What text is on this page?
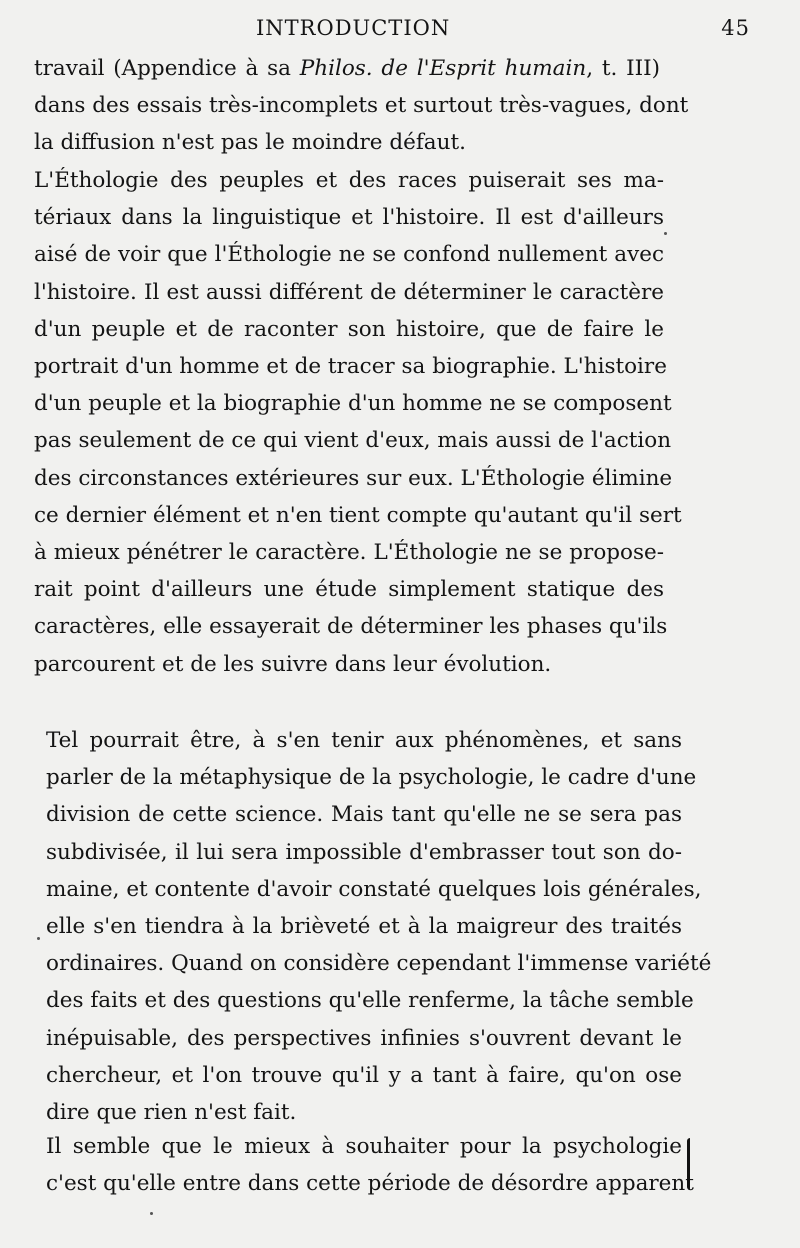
INTRODUCTION	45

travail (Appendice à sa Philos. de l'Esprit humain, t. III)
dans des essais très-incomplets et surtout très-vagues, dont
la diffusion n'est pas le moindre défaut.

L'Éthologie des peuples et des races puiserait ses ma-
tériaux dans la linguistique et l'histoire. Il est d'ailleurs
aisé de voir que l'Éthologie ne se confond nullement avec
l'histoire. Il est aussi différent de déterminer le caractère
d'un peuple et de raconter son histoire, que de faire le
portrait d'un homme et de tracer sa biographie. L'histoire
d'un peuple et la biographie d'un homme ne se composent
pas seulement de ce qui vient d'eux, mais aussi de l'action
des circonstances extérieures sur eux. L'Éthologie élimine
ce dernier élément et n'en tient compte qu'autant qu'il sert
à mieux pénétrer le caractère. L'Éthologie ne se propose-
rait point d'ailleurs une étude simplement statique des
caractères, elle essayerait de déterminer les phases qu'ils
parcourent et de les suivre dans leur évolution.

Tel pourrait être, à s'en tenir aux phénomènes, et sans
parler de la métaphysique de la psychologie, le cadre d'une
division de cette science. Mais tant qu'elle ne se sera pas
subdivisée, il lui sera impossible d'embrasser tout son do-
maine, et contente d'avoir constaté quelques lois générales,
elle s'en tiendra à la brièveté et à la maigreur des traités
ordinaires. Quand on considère cependant l'immense variété
des faits et des questions qu'elle renferme, la tâche semble
inépuisable, des perspectives infinies s'ouvrent devant le
chercheur, et l'on trouve qu'il y a tant à faire, qu'on ose
dire que rien n'est fait.

Il semble que le mieux à souhaiter pour la psychologie
c'est qu'elle entre dans cette période de désordre apparent
